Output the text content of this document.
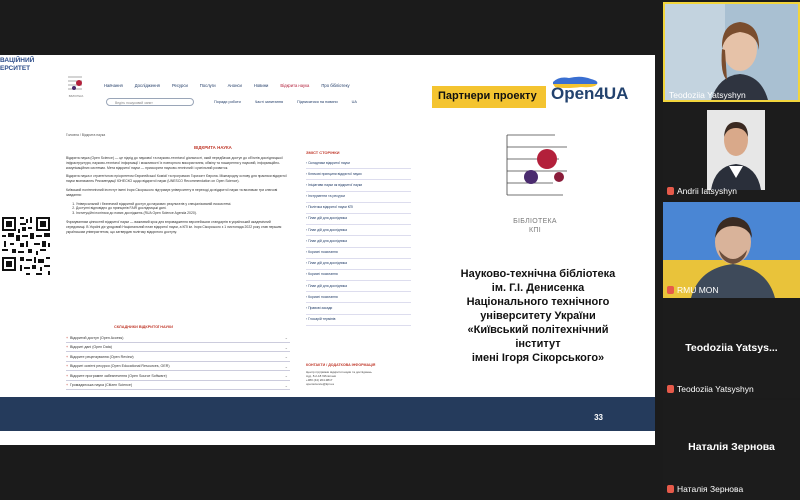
ВАЦІЙНИЙ
ЕРСИТЕТ
БІБЛІОТЕКА
Навчання	Дослідження	Ресурси	Послуги	Анонси	Новини	Відкрита наука	Про бібліотеку
Ведіть пошуковий запит	Поради роботи	Часті запитання	Підписатися на новини	UA
Головна / Відкрита наука
ВІДКРИТА НАУКА

Відкрита наука (Open Science) — це підхід до наукової та науково-технічної діяльності, який передбачає доступ до об'єктів дослідницької інфраструктури, науково-технічної інформації і можливості їх повторного використання, обміну та поширення у науковій, інформаційно-комунікаційних системах. Мета відкритої науки — прискорити науково-технічний і суспільний розвиток.

Відкрита наука є стратегічною пріоритетом Європейської Комісії та програмою Горизонт Європа. Міжнародну основу для практики відкритої науки визначають Рекомендації ЮНЕСКО щодо відкритої науки (UNESCO Recommendation on Open Science).

Київський політехнічний інститут імені Ігоря Сікорського підтримує університету в переході до відкритої науки та визначає три ключові завдання:

1. Універсальний і безпечний відкритий доступ до наукових результатів у спеціалізованій екосистемі.
2. Доступні відповідно до принципів FAIR дослідницькі дані.
3. Інституційні політики до нових досліджень (RUA Open Science Agenda 2020).

Формуванням цінностей відкритої науки — важливий крок для впровадження європейських стандартів в український академічний середовищі. В Україні діє урядовий Національний план відкритої науки, а КПІ ім. Ігоря Сікорського з 1 листопада 2022 року став першим українським університетом, що затвердив політику відкритого доступу.

СКЛАДНИКИ ВІДКРИТОЇ НАУКИ
+ Відкритий доступ (Open Access)	⌄
+ Відкриті дані (Open Data)	⌄
+ Відкрите рецензування (Open Review)	⌄
+ Відкриті освітні ресурси (Open Educational Resources, OER)	⌄
+ Відкрите програмне забезпечення (Open Source Software)	⌄
+ Громадянська наука (Citizen Science)	⌄
ЗМІСТ СТОРІНКИ
› Складники відкритої науки
› Ключові принципи відкритої науки
› Ініціативи науки як відкритої науки
› Інструменти та ресурси
› Політика відкритої науки КПІ
› План дій для дослідника
› План дій для дослідника
› План дій для дослідника
› Корисні посилання
› План дій для дослідника
› Корисні посилання
› План дій для дослідника
› Корисні посилання
› Правові засади
› Глосарій термінів
КОНТАКТИ / ДОДАТКОВА ІНФОРМАЦІЯ
Центр підтримки відкритої науки та досліджень
Ауд. 8.2-18 бібліотеки
+380 (44) 204-9817
openscience@kpi.ua
Партнери проекту Open4UA
БІБЛІОТЕКА
КПІ
Науково-технічна бібліотека
ім. Г.І. Денисенка
Національного технічного
університету України
«Київський політехнічний
інститут
імені Ігоря Сікорського»
33
Teodoziia Yatsyshyn
Andrii Iatsyshyn
RMU MON
Teodoziia Yatsys...
Teodoziia Yatsyshyn
Наталія Зернова
Наталія Зернова
